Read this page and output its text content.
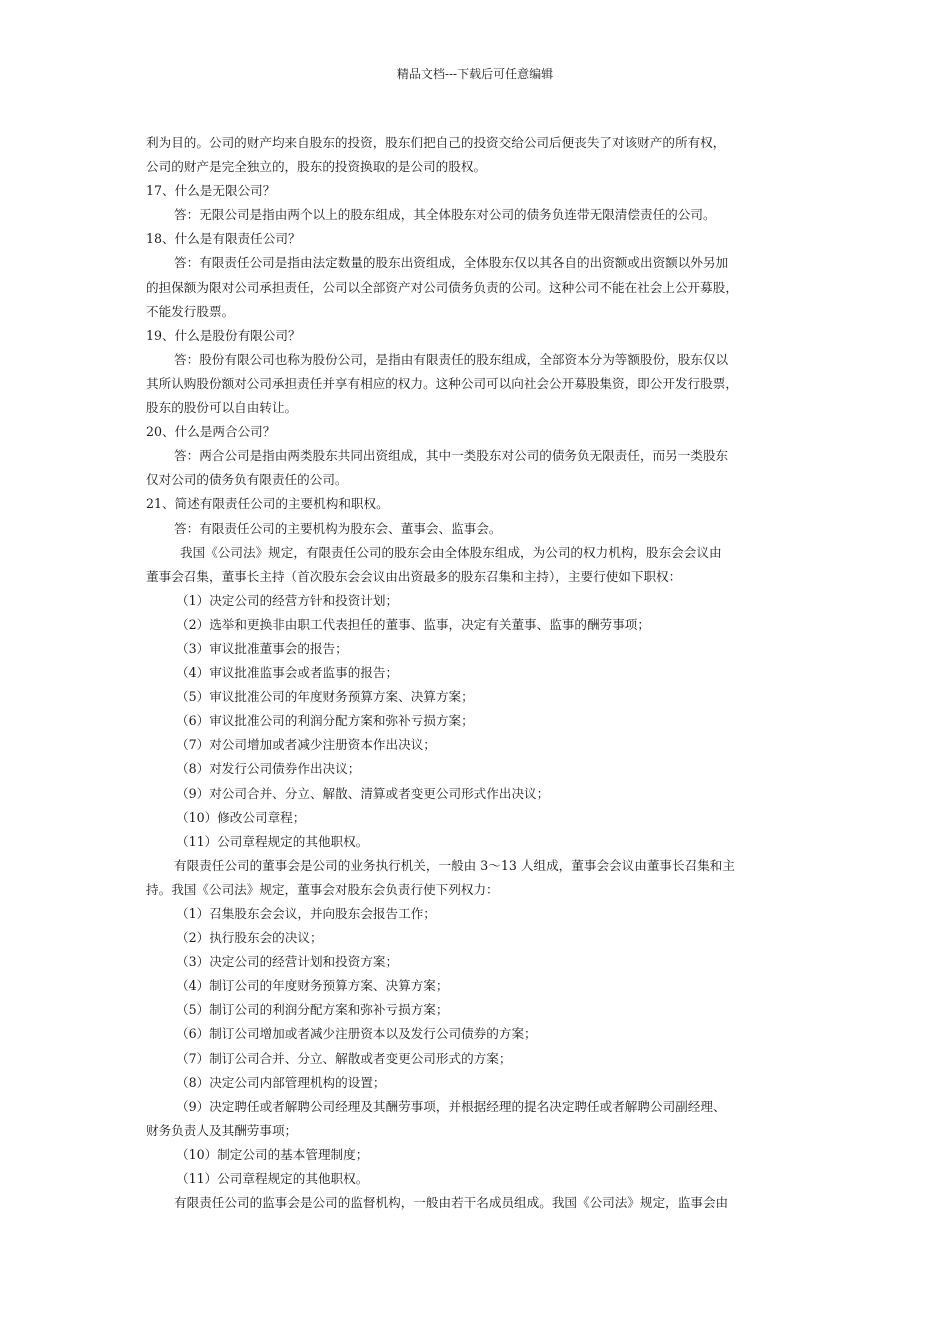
精品文档---下载后可任意编辑
利为目的。公司的财产均来自股东的投资，股东们把自己的投资交给公司后便丧失了对该财产的所有权，
公司的财产是完全独立的，股东的投资换取的是公司的股权。
17、什么是无限公司？
答：无限公司是指由两个以上的股东组成，其全体股东对公司的债务负连带无限清偿责任的公司。
18、什么是有限责任公司？
答：有限责任公司是指由法定数量的股东出资组成，全体股东仅以其各自的出资额或出资额以外另加
的担保额为限对公司承担责任，公司以全部资产对公司债务负责的公司。这种公司不能在社会上公开募股，
不能发行股票。
19、什么是股份有限公司？
答：股份有限公司也称为股份公司，是指由有限责任的股东组成，全部资本分为等额股份，股东仅以
其所认购股份额对公司承担责任并享有相应的权力。这种公司可以向社会公开募股集资，即公开发行股票，
股东的股份可以自由转让。
20、什么是两合公司？
答：两合公司是指由两类股东共同出资组成，其中一类股东对公司的债务负无限责任，而另一类股东
仅对公司的债务负有限责任的公司。
21、简述有限责任公司的主要机构和职权。
答：有限责任公司的主要机构为股东会、董事会、监事会。
我国《公司法》规定，有限责任公司的股东会由全体股东组成，为公司的权力机构，股东会会议由
董事会召集，董事长主持（首次股东会会议由出资最多的股东召集和主持），主要行使如下职权：
（1）决定公司的经营方针和投资计划；
（2）选举和更换非由职工代表担任的董事、监事，决定有关董事、监事的酬劳事项；
（3）审议批准董事会的报告；
（4）审议批准监事会或者监事的报告；
（5）审议批准公司的年度财务预算方案、决算方案；
（6）审议批准公司的利润分配方案和弥补亏损方案；
（7）对公司增加或者减少注册资本作出决议；
（8）对发行公司债券作出决议；
（9）对公司合并、分立、解散、清算或者变更公司形式作出决议；
（10）修改公司章程；
（11）公司章程规定的其他职权。
有限责任公司的董事会是公司的业务执行机关，一般由 3～13 人组成，董事会会议由董事长召集和主
持。我国《公司法》规定，董事会对股东会负责行使下列权力：
（1）召集股东会会议，并向股东会报告工作；
（2）执行股东会的决议；
（3）决定公司的经营计划和投资方案；
（4）制订公司的年度财务预算方案、决算方案；
（5）制订公司的利润分配方案和弥补亏损方案；
（6）制订公司增加或者减少注册资本以及发行公司债券的方案；
（7）制订公司合并、分立、解散或者变更公司形式的方案；
（8）决定公司内部管理机构的设置；
（9）决定聘任或者解聘公司经理及其酬劳事项，并根据经理的提名决定聘任或者解聘公司副经理、
财务负责人及其酬劳事项；
（10）制定公司的基本管理制度；
（11）公司章程规定的其他职权。
有限责任公司的监事会是公司的监督机构，一般由若干名成员组成。我国《公司法》规定，监事会由
